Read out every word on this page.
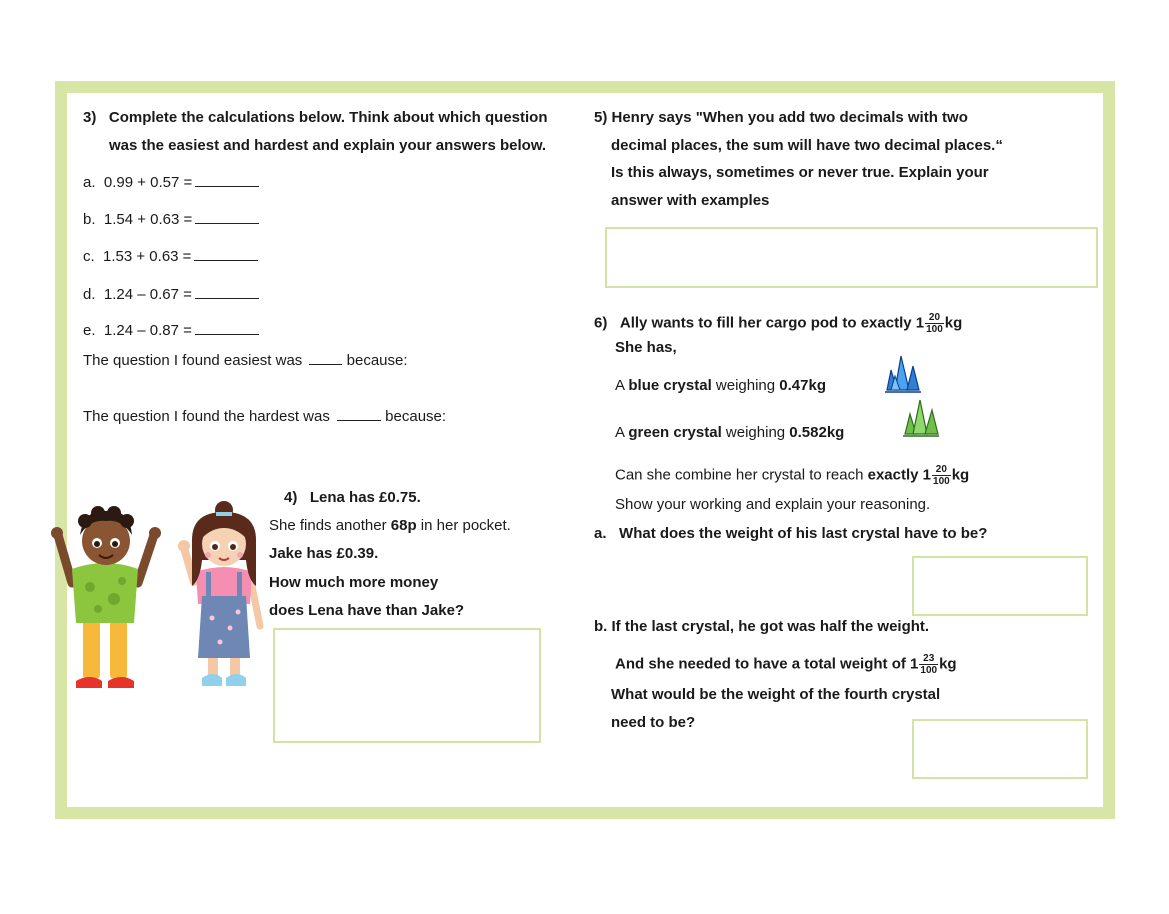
3) Complete the calculations below. Think about which question
was the easiest and hardest and explain your answers below.
a. 0.99 + 0.57 =
b. 1.54 + 0.63 =
c. 1.53 + 0.63 =
d. 1.24 – 0.67 =
e. 1.24 – 0.87 =
The question I found easiest was	because:
The question I found the hardest was	because:
4) Lena has £0.75.
She finds another 68p in her pocket.
Jake has £0.39.
How much more money
does Lena have than Jake?
5) Henry says "When you add two decimals with two
decimal places, the sum will have two decimal places.“
Is this always, sometimes or never true. Explain your
answer with examples
6) Ally wants to fill her cargo pod to exactly $1 \frac{20}{100}$ kg
She has,
A blue crystal weighing 0.47kg
A green crystal weighing 0.582kg
Can she combine her crystal to reach exactly $1 \frac{20}{100}$ kg
Show your working and explain your reasoning.
a. What does the weight of his last crystal have to be?
b. If the last crystal, he got was half the weight.
And she needed to have a total weight of $1 \frac{23}{100}$ kg
What would be the weight of the fourth crystal
need to be?
